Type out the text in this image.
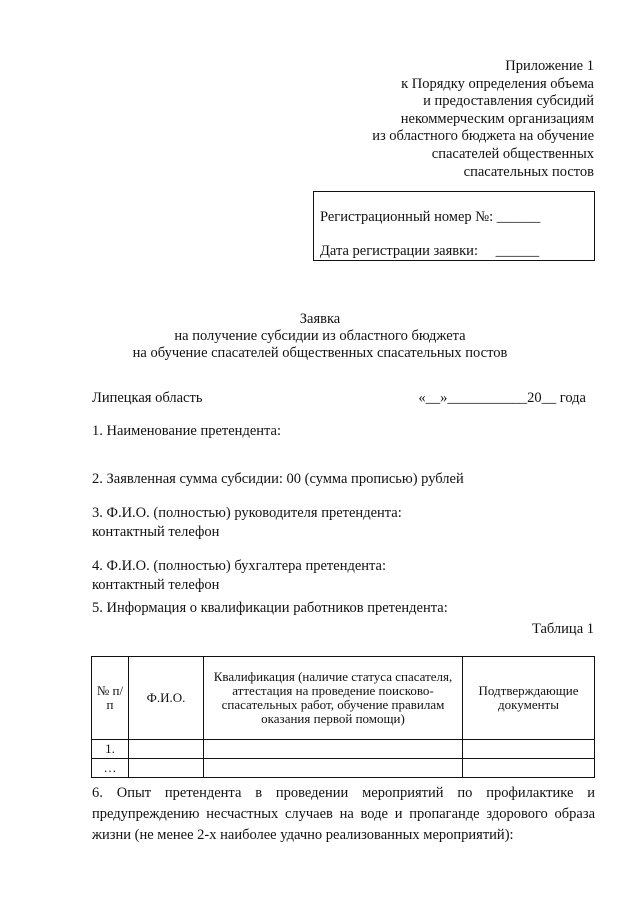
Приложение 1
к Порядку определения объема
и предоставления субсидий
некоммерческим организациям
из областного бюджета на обучение
спасателей общественных
спасательных постов
Регистрационный номер №: ______
Дата регистрации заявки: ______
Заявка
на получение субсидии из областного бюджета
на обучение спасателей общественных спасательных постов
Липецкая область	«__»___________20__ года
1. Наименование претендента:
2. Заявленная сумма субсидии: 00 (сумма прописью) рублей
3. Ф.И.О. (полностью) руководителя претендента:
контактный телефон
4. Ф.И.О. (полностью) бухгалтера претендента:
контактный телефон
5. Информация о квалификации работников претендента:
Таблица 1
№ п/п	Ф.И.О.	Квалификация (наличие статуса спасателя, аттестация на проведение поисково-спасательных работ, обучение правилам оказания первой помощи)	Подтверждающие документы
1.			
…			
6. Опыт претендента в проведении мероприятий по профилактике и предупреждению несчастных случаев на воде и пропаганде здорового образа жизни (не менее 2-х наиболее удачно реализованных мероприятий):
